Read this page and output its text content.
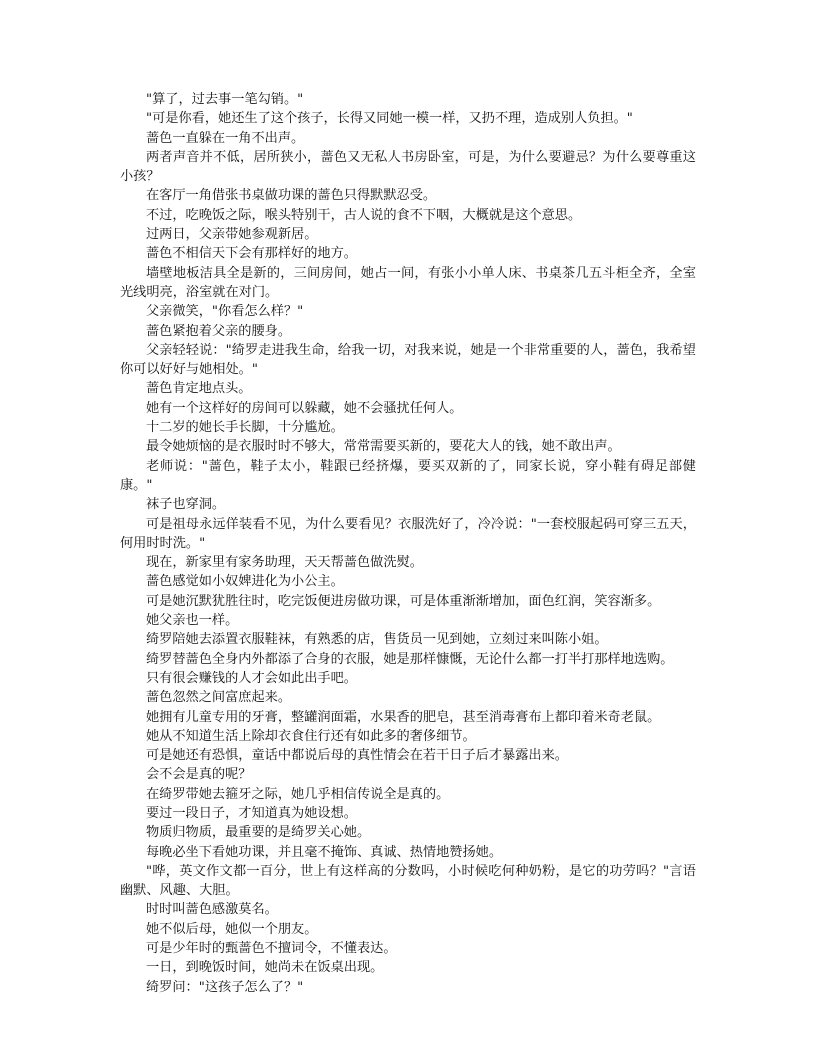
"算了，过去事一笔勾销。"

"可是你看，她还生了这个孩子，长得又同她一模一样，又扔不理，造成别人负担。"

蔷色一直躲在一角不出声。

两者声音并不低，居所狭小，蔷色又无私人书房卧室，可是，为什么要避忌？为什么要尊重这小孩？

在客厅一角借张书桌做功课的蔷色只得默默忍受。

不过，吃晚饭之际，喉头特别干，古人说的食不下咽，大概就是这个意思。

过两日，父亲带她参观新居。

蔷色不相信天下会有那样好的地方。

墙壁地板洁具全是新的，三间房间，她占一间，有张小小单人床、书桌茶几五斗柜全齐，全室光线明亮，浴室就在对门。

父亲微笑，"你看怎么样？"

蔷色紧抱着父亲的腰身。

父亲轻轻说："绮罗走进我生命，给我一切，对我来说，她是一个非常重要的人，蔷色，我希望你可以好好与她相处。"

蔷色肯定地点头。

她有一个这样好的房间可以躲藏，她不会骚扰任何人。

十二岁的她长手长脚，十分尴尬。

最令她烦恼的是衣服时时不够大，常常需要买新的，要花大人的钱，她不敢出声。

老师说："蔷色，鞋子太小，鞋跟已经挤爆，要买双新的了，同家长说，穿小鞋有碍足部健康。"

袜子也穿洞。

可是祖母永远佯装看不见，为什么要看见？衣服洗好了，冷冷说："一套校服起码可穿三五天，何用时时洗。"

现在，新家里有家务助理，天天帮蔷色做洗熨。

蔷色感觉如小奴婢进化为小公主。

可是她沉默犹胜往时，吃完饭便进房做功课，可是体重渐渐增加，面色红润，笑容渐多。

她父亲也一样。

绮罗陪她去添置衣服鞋袜，有熟悉的店，售货员一见到她，立刻过来叫陈小姐。

绮罗替蔷色全身内外都添了合身的衣服，她是那样慷慨，无论什么都一打半打那样地选购。

只有很会赚钱的人才会如此出手吧。

蔷色忽然之间富庶起来。

她拥有儿童专用的牙膏，整罐润面霜，水果香的肥皂，甚至消毒膏布上都印着米奇老鼠。

她从不知道生活上除却衣食住行还有如此多的奢侈细节。

可是她还有恐惧，童话中都说后母的真性情会在若干日子后才暴露出来。

会不会是真的呢？

在绮罗带她去箍牙之际，她几乎相信传说全是真的。

要过一段日子，才知道真为她设想。

物质归物质，最重要的是绮罗关心她。

每晚必坐下看她功课，并且毫不掩饰、真诚、热情地赞扬她。

"哗，英文作文都一百分，世上有这样高的分数吗，小时候吃何种奶粉，是它的功劳吗？"言语幽默、风趣、大胆。

时时叫蔷色感激莫名。

她不似后母，她似一个朋友。

可是少年时的甄蔷色不擅词令，不懂表达。

一日，到晚饭时间，她尚未在饭桌出现。

绮罗问："这孩子怎么了？"
